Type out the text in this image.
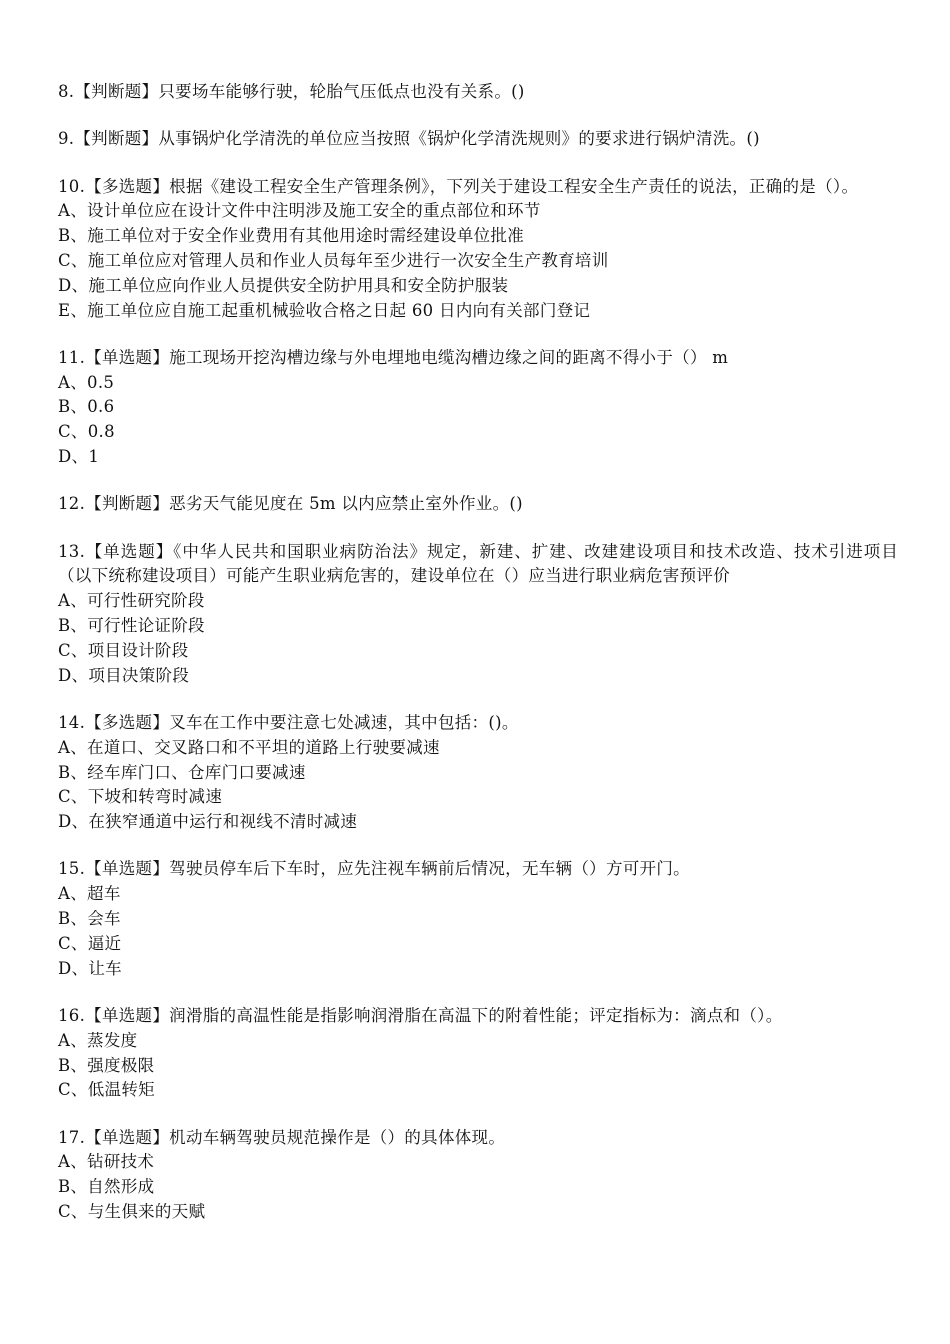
8.【判断题】只要场车能够行驶，轮胎气压低点也没有关系。()
9.【判断题】从事锅炉化学清洗的单位应当按照《锅炉化学清洗规则》的要求进行锅炉清洗。()
10.【多选题】根据《建设工程安全生产管理条例》，下列关于建设工程安全生产责任的说法，正确的是（）。
A、设计单位应在设计文件中注明涉及施工安全的重点部位和环节
B、施工单位对于安全作业费用有其他用途时需经建设单位批准
C、施工单位应对管理人员和作业人员每年至少进行一次安全生产教育培训
D、施工单位应向作业人员提供安全防护用具和安全防护服装
E、施工单位应自施工起重机械验收合格之日起 60 日内向有关部门登记
11.【单选题】施工现场开挖沟槽边缘与外电埋地电缆沟槽边缘之间的距离不得小于（） m
A、0.5
B、0.6
C、0.8
D、1
12.【判断题】恶劣天气能见度在 5m 以内应禁止室外作业。()
13.【单选题】《中华人民共和国职业病防治法》规定，新建、扩建、改建建设项目和技术改造、技术引进项目（以下统称建设项目）可能产生职业病危害的，建设单位在（）应当进行职业病危害预评价
A、可行性研究阶段
B、可行性论证阶段
C、项目设计阶段
D、项目决策阶段
14.【多选题】叉车在工作中要注意七处减速，其中包括：()。
A、在道口、交叉路口和不平坦的道路上行驶要减速
B、经车库门口、仓库门口要减速
C、下坡和转弯时减速
D、在狭窄通道中运行和视线不清时减速
15.【单选题】驾驶员停车后下车时，应先注视车辆前后情况，无车辆（）方可开门。
A、超车
B、会车
C、逼近
D、让车
16.【单选题】润滑脂的高温性能是指影响润滑脂在高温下的附着性能；评定指标为：滴点和（）。
A、蒸发度
B、强度极限
C、低温转矩
17.【单选题】机动车辆驾驶员规范操作是（）的具体体现。
A、钻研技术
B、自然形成
C、与生俱来的天赋
